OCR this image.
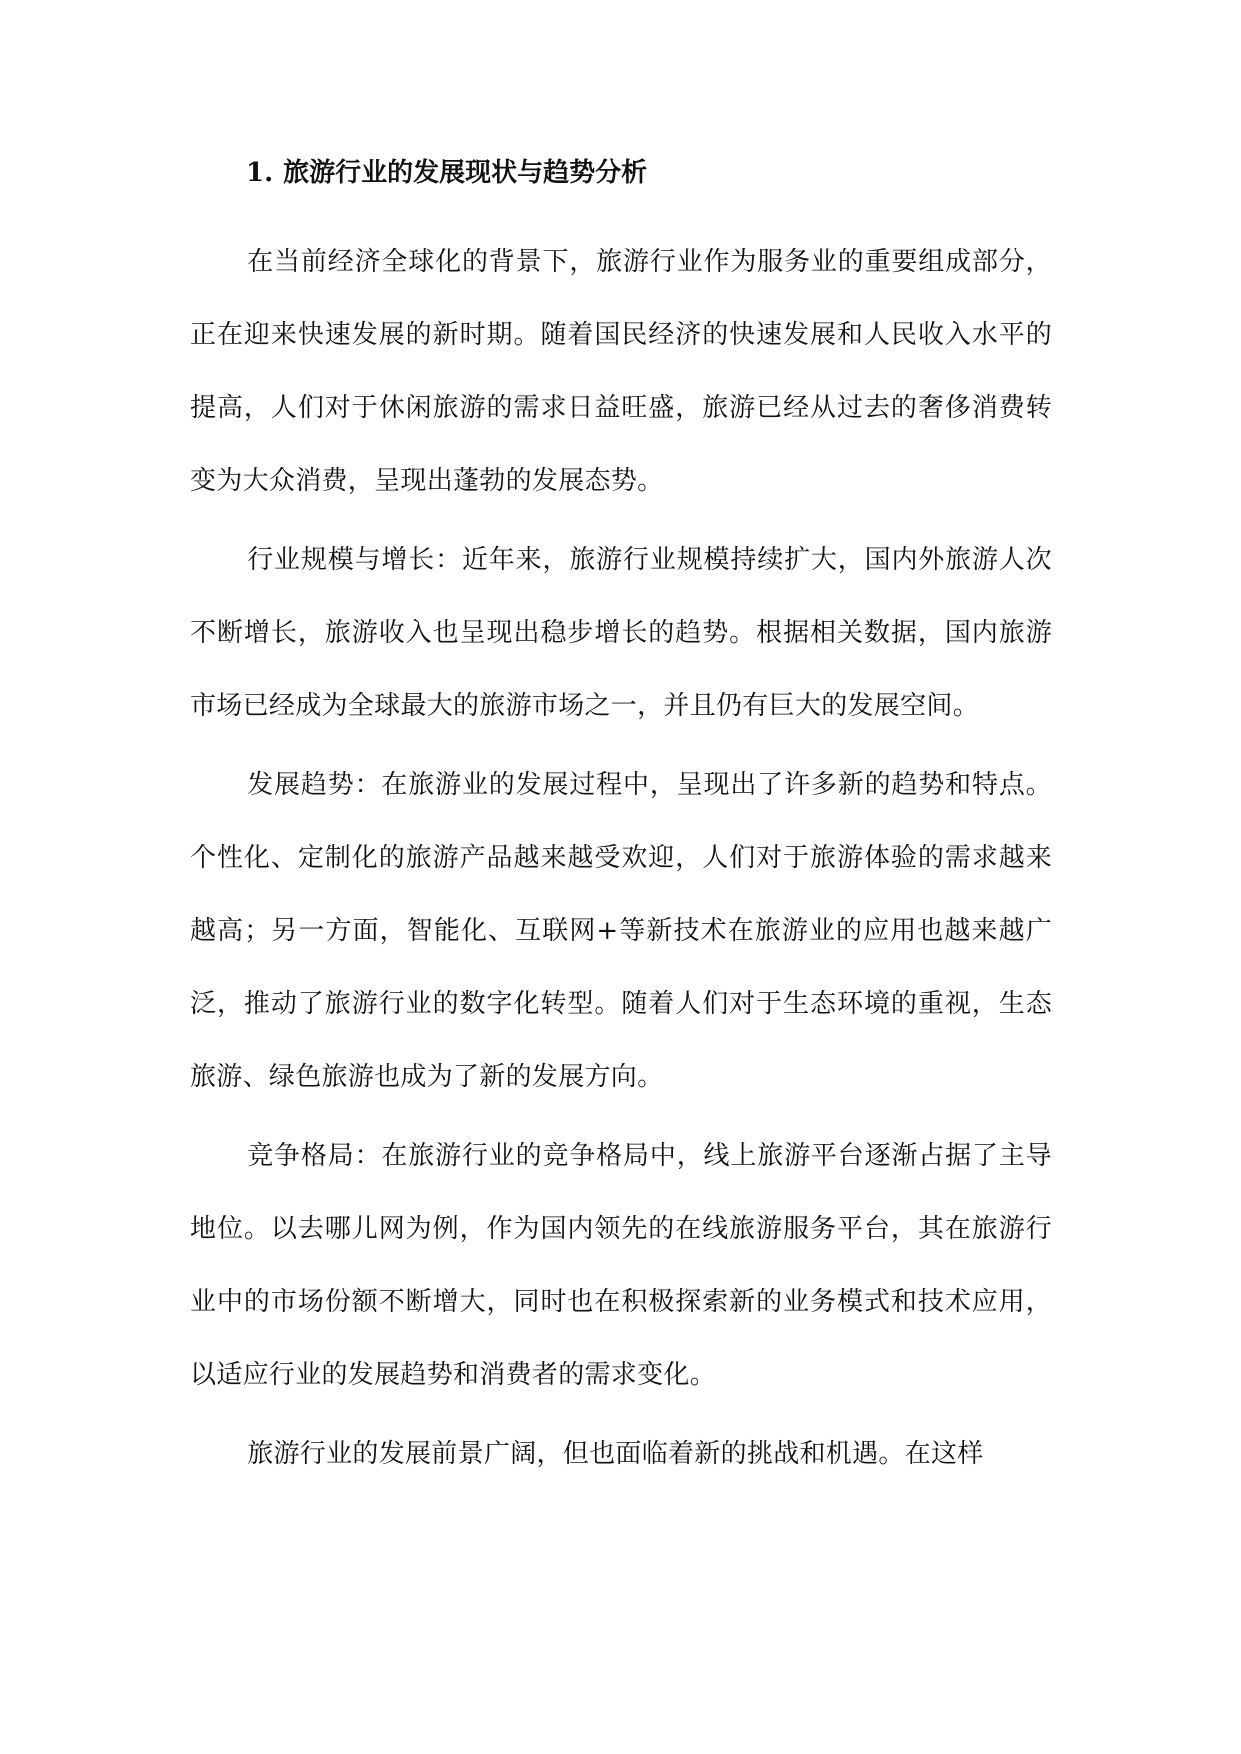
1. 旅游行业的发展现状与趋势分析

在当前经济全球化的背景下，旅游行业作为服务业的重要组成部分，正在迎来快速发展的新时期。随着国民经济的快速发展和人民收入水平的提高，人们对于休闲旅游的需求日益旺盛，旅游已经从过去的奢侈消费转变为大众消费，呈现出蓬勃的发展态势。

行业规模与增长：近年来，旅游行业规模持续扩大，国内外旅游人次不断增长，旅游收入也呈现出稳步增长的趋势。根据相关数据，国内旅游市场已经成为全球最大的旅游市场之一，并且仍有巨大的发展空间。

发展趋势：在旅游业的发展过程中，呈现出了许多新的趋势和特点。个性化、定制化的旅游产品越来越受欢迎，人们对于旅游体验的需求越来越高；另一方面，智能化、互联网+等新技术在旅游业的应用也越来越广泛，推动了旅游行业的数字化转型。随着人们对于生态环境的重视，生态旅游、绿色旅游也成为了新的发展方向。

竞争格局：在旅游行业的竞争格局中，线上旅游平台逐渐占据了主导地位。以去哪儿网为例，作为国内领先的在线旅游服务平台，其在旅游行业中的市场份额不断增大，同时也在积极探索新的业务模式和技术应用，以适应行业的发展趋势和消费者的需求变化。

旅游行业的发展前景广阔，但也面临着新的挑战和机遇。在这样
